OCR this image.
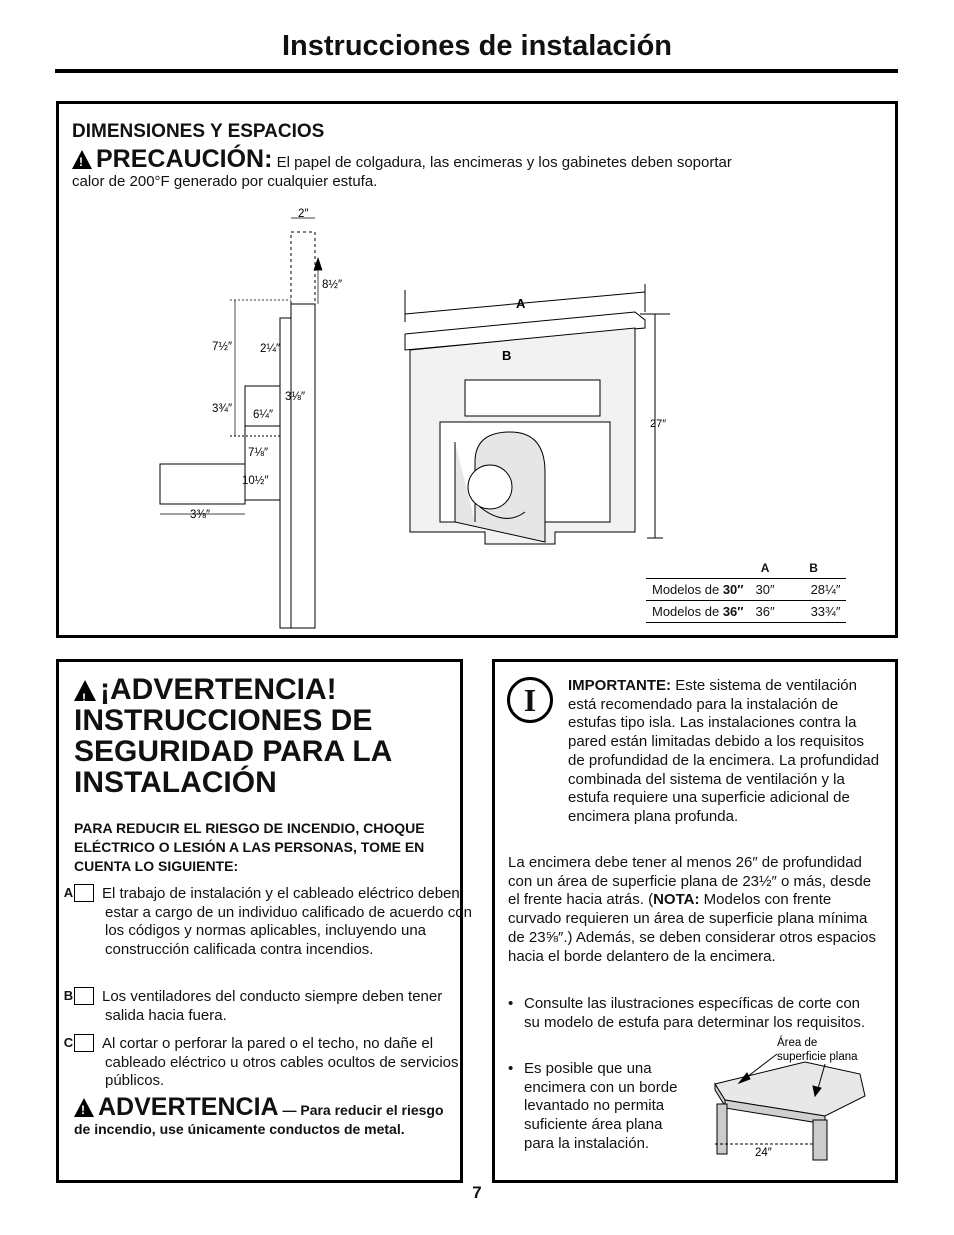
Instrucciones de instalación
DIMENSIONES Y ESPACIOS
!PRECAUCIÓN: El papel de colgadura, las encimeras y los gabinetes deben soportar
calor de 200°F generado por cualquier estufa.
2″
8½″
7½″ 2¼″
3⅛″
3¾″ 6¼″
7⅛″
10½″
3⅜″
A
B
27″
	A	B
Modelos de 30″	30″	28¼″
Modelos de 36″	36″	33¾″
!¡ADVERTENCIA! INSTRUCCIONES DE SEGURIDAD PARA LA INSTALACIÓN
PARA REDUCIR EL RIESGO DE INCENDIO, CHOQUE ELÉCTRICO O LESIÓN A LAS PERSONAS, TOME EN CUENTA LO SIGUIENTE:
A El trabajo de instalación y el cableado eléctrico deben estar a cargo de un individuo calificado de acuerdo con los códigos y normas aplicables, incluyendo una construcción calificada contra incendios.
B Los ventiladores del conducto siempre deben tener salida hacia fuera.
C Al cortar o perforar la pared o el techo, no dañe el cableado eléctrico u otros cables ocultos de servicios públicos.
!ADVERTENCIA — Para reducir el riesgo de incendio, use únicamente conductos de metal.
I	IMPORTANTE: Este sistema de ventilación está recomendado para la instalación de estufas tipo isla. Las instalaciones contra la pared están limitadas debido a los requisitos de profundidad de la encimera. La profundidad combinada del sistema de ventilación y la estufa requiere una superficie adicional de encimera plana profunda.
La encimera debe tener al menos 26″ de profundidad con un área de superficie plana de 23½″ o más, desde el frente hacia atrás. (NOTA: Modelos con frente curvado requieren un área de superficie plana mínima de 23⅝″.) Además, se deben considerar otros espacios hacia el borde delantero de la encimera.
• Consulte las ilustraciones específicas de corte con su modelo de estufa para determinar los requisitos.
• Es posible que una encimera con un borde levantado no permita suficiente área plana para la instalación.
Área de superficie plana
24″
7
